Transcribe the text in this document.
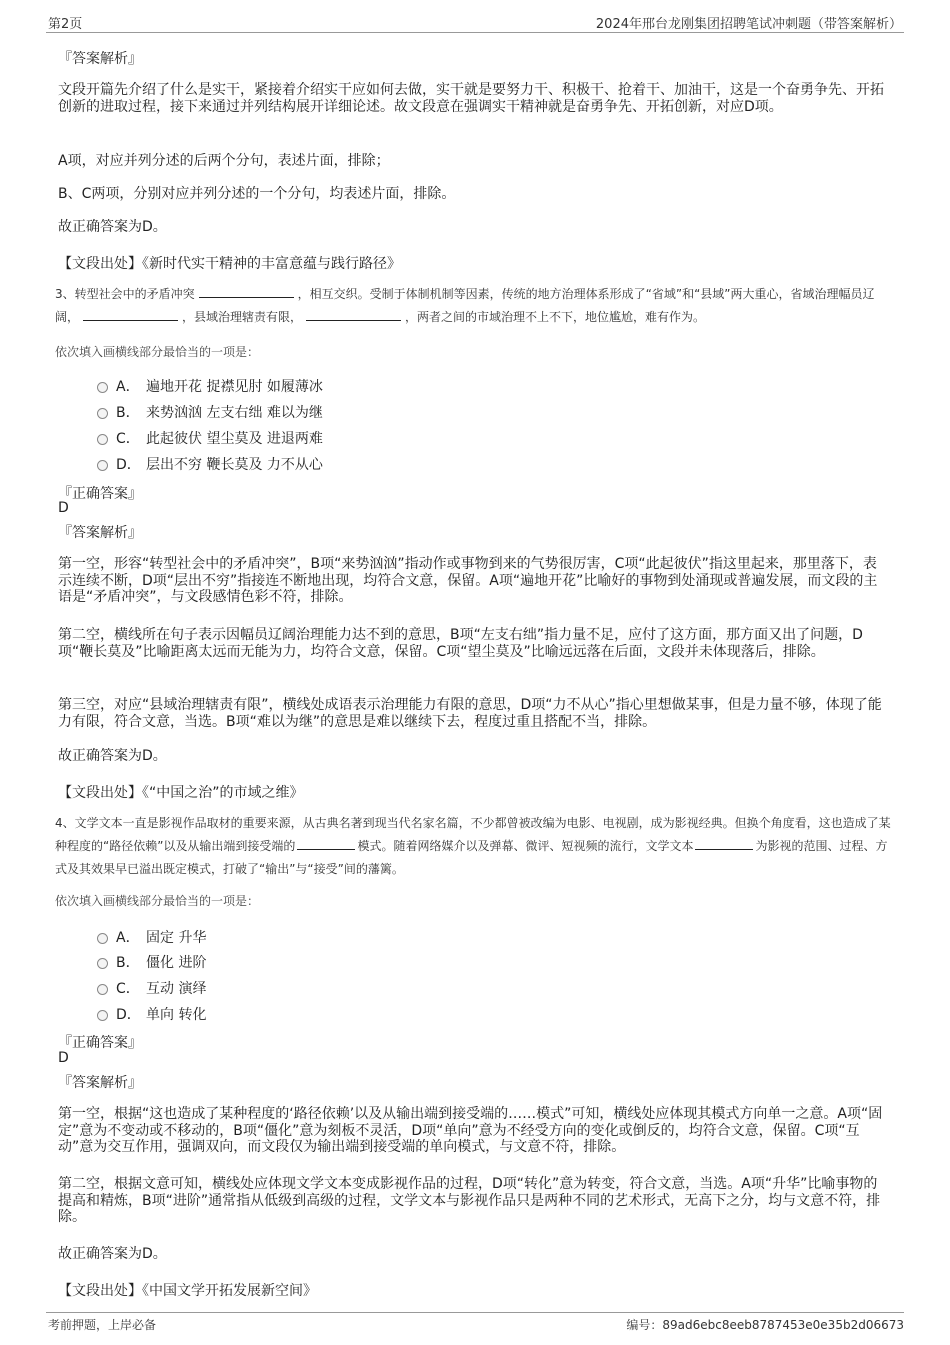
第2页	2024年邢台龙刚集团招聘笔试冲刺题（带答案解析）
『答案解析』
文段开篇先介绍了什么是实干，紧接着介绍实干应如何去做，实干就是要努力干、积极干、抢着干、加油干，这是一个奋勇争先、开拓创新的进取过程，接下来通过并列结构展开详细论述。故文段意在强调实干精神就是奋勇争先、开拓创新，对应D项。
A项，对应并列分述的后两个分句，表述片面，排除；
B、C两项，分别对应并列分述的一个分句，均表述片面，排除。
故正确答案为D。
【文段出处】《新时代实干精神的丰富意蕴与践行路径》
3、转型社会中的矛盾冲突	，相互交织。受制于体制机制等因素，传统的地方治理体系形成了“省域”和“县域”两大重心，省域治理幅员辽阔，	，县域治理辖责有限，	，两者之间的市域治理不上不下，地位尴尬，难有作为。
依次填入画横线部分最恰当的一项是：
A． 遍地开花 捉襟见肘 如履薄冰
B． 来势汹汹 左支右绌 难以为继
C． 此起彼伏 望尘莫及 进退两难
D． 层出不穷 鞭长莫及 力不从心
『正确答案』
D
『答案解析』
第一空，形容“转型社会中的矛盾冲突”，B项“来势汹汹”指动作或事物到来的气势很厉害，C项“此起彼伏”指这里起来，那里落下，表示连续不断，D项“层出不穷”指接连不断地出现，均符合文意，保留。A项“遍地开花”比喻好的事物到处涌现或普遍发展，而文段的主语是“矛盾冲突”，与文段感情色彩不符，排除。
第二空，横线所在句子表示因幅员辽阔治理能力达不到的意思，B项“左支右绌”指力量不足，应付了这方面，那方面又出了问题，D项“鞭长莫及”比喻距离太远而无能为力，均符合文意，保留。C项“望尘莫及”比喻远远落在后面，文段并未体现落后，排除。
第三空，对应“县域治理辖责有限”，横线处成语表示治理能力有限的意思，D项“力不从心”指心里想做某事，但是力量不够，体现了能力有限，符合文意，当选。B项“难以为继”的意思是难以继续下去，程度过重且搭配不当，排除。
故正确答案为D。
【文段出处】《“中国之治”的市域之维》
4、文学文本一直是影视作品取材的重要来源，从古典名著到现当代名家名篇，不少都曾被改编为电影、电视剧，成为影视经典。但换个角度看，这也造成了某种程度的“路径依赖”以及从输出端到接受端的	模式。随着网络媒介以及弹幕、微评、短视频的流行，文学文本	为影视的范围、过程、方式及其效果早已溢出既定模式，打破了“输出”与“接受”间的藩篱。
依次填入画横线部分最恰当的一项是：
A． 固定 升华
B． 僵化 进阶
C． 互动 演绎
D． 单向 转化
『正确答案』
D
『答案解析』
第一空，根据“这也造成了某种程度的‘路径依赖’以及从输出端到接受端的……模式”可知，横线处应体现其模式方向单一之意。A项“固定”意为不变动或不移动的，B项“僵化”意为刻板不灵活，D项“单向”意为不经受方向的变化或倒反的，均符合文意，保留。C项“互动”意为交互作用，强调双向，而文段仅为输出端到接受端的单向模式，与文意不符，排除。
第二空，根据文意可知，横线处应体现文学文本变成影视作品的过程，D项“转化”意为转变，符合文意，当选。A项“升华”比喻事物的提高和精炼，B项“进阶”通常指从低级到高级的过程，文学文本与影视作品只是两种不同的艺术形式，无高下之分，均与文意不符，排除。
故正确答案为D。
【文段出处】《中国文学开拓发展新空间》
考前押题，上岸必备	编号：89ad6ebc8eeb8787453e0e35b2d06673
